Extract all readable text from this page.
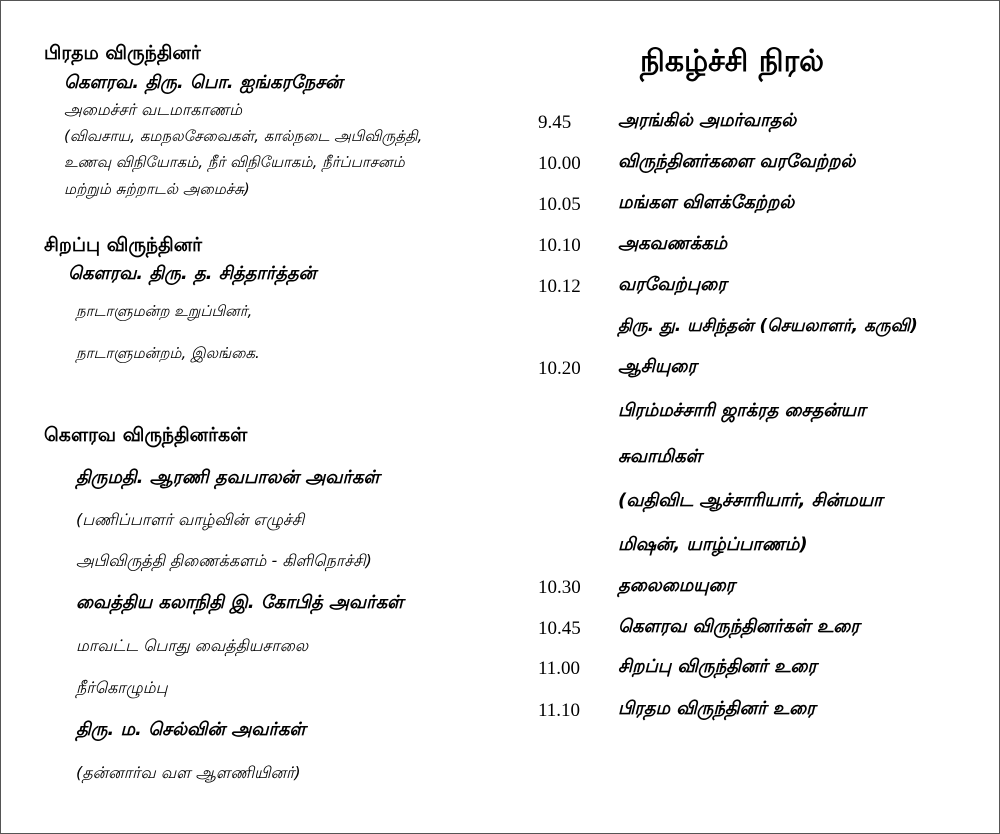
பிரதம விருந்தினர்
கௌரவ. திரு. பொ. ஐங்கரநேசன்
அமைச்சர் வடமாகாணம்
(விவசாய, கமநலசேவைகள், கால்நடை அபிவிருத்தி,
உணவு விநியோகம், நீர் விநியோகம், நீர்ப்பாசனம்
மற்றும் சுற்றாடல் அமைச்சு)
சிறப்பு விருந்தினர்
கௌரவ. திரு. த. சித்தார்த்தன்
நாடாளுமன்ற உறுப்பினர்,
நாடாளுமன்றம், இலங்கை.
கௌரவ விருந்தினர்கள்
திருமதி. ஆரணி தவபாலன் அவர்கள்
(பணிப்பாளர் வாழ்வின் எழுச்சி
அபிவிருத்தி திணைக்களம் - கிளிநொச்சி)
வைத்திய கலாநிதி இ. கோபித் அவர்கள்
மாவட்ட பொது வைத்தியசாலை
நீர்கொழும்பு
திரு. ம. செல்வின் அவர்கள்
(தன்னார்வ வள ஆளணியினர்)
நிகழ்ச்சி நிரல்
9.45	அரங்கில் அமர்வாதல்
10.00 விருந்தினர்களை வரவேற்றல்
10.05 மங்கள விளக்கேற்றல்
10.10 அகவணக்கம்
10.12 வரவேற்புரை
திரு. து. யசிந்தன் (செயலாளர், கருவி)
10.20 ஆசியுரை
பிரம்மச்சாரி ஜாக்ரத சைதன்யா
சுவாமிகள்
(வதிவிட ஆச்சாரியார், சின்மயா
மிஷன், யாழ்ப்பாணம்)
10.30 தலைமையுரை
10.45 கௌரவ விருந்தினர்கள் உரை
11.00 சிறப்பு விருந்தினர் உரை
11.10 பிரதம விருந்தினர் உரை
